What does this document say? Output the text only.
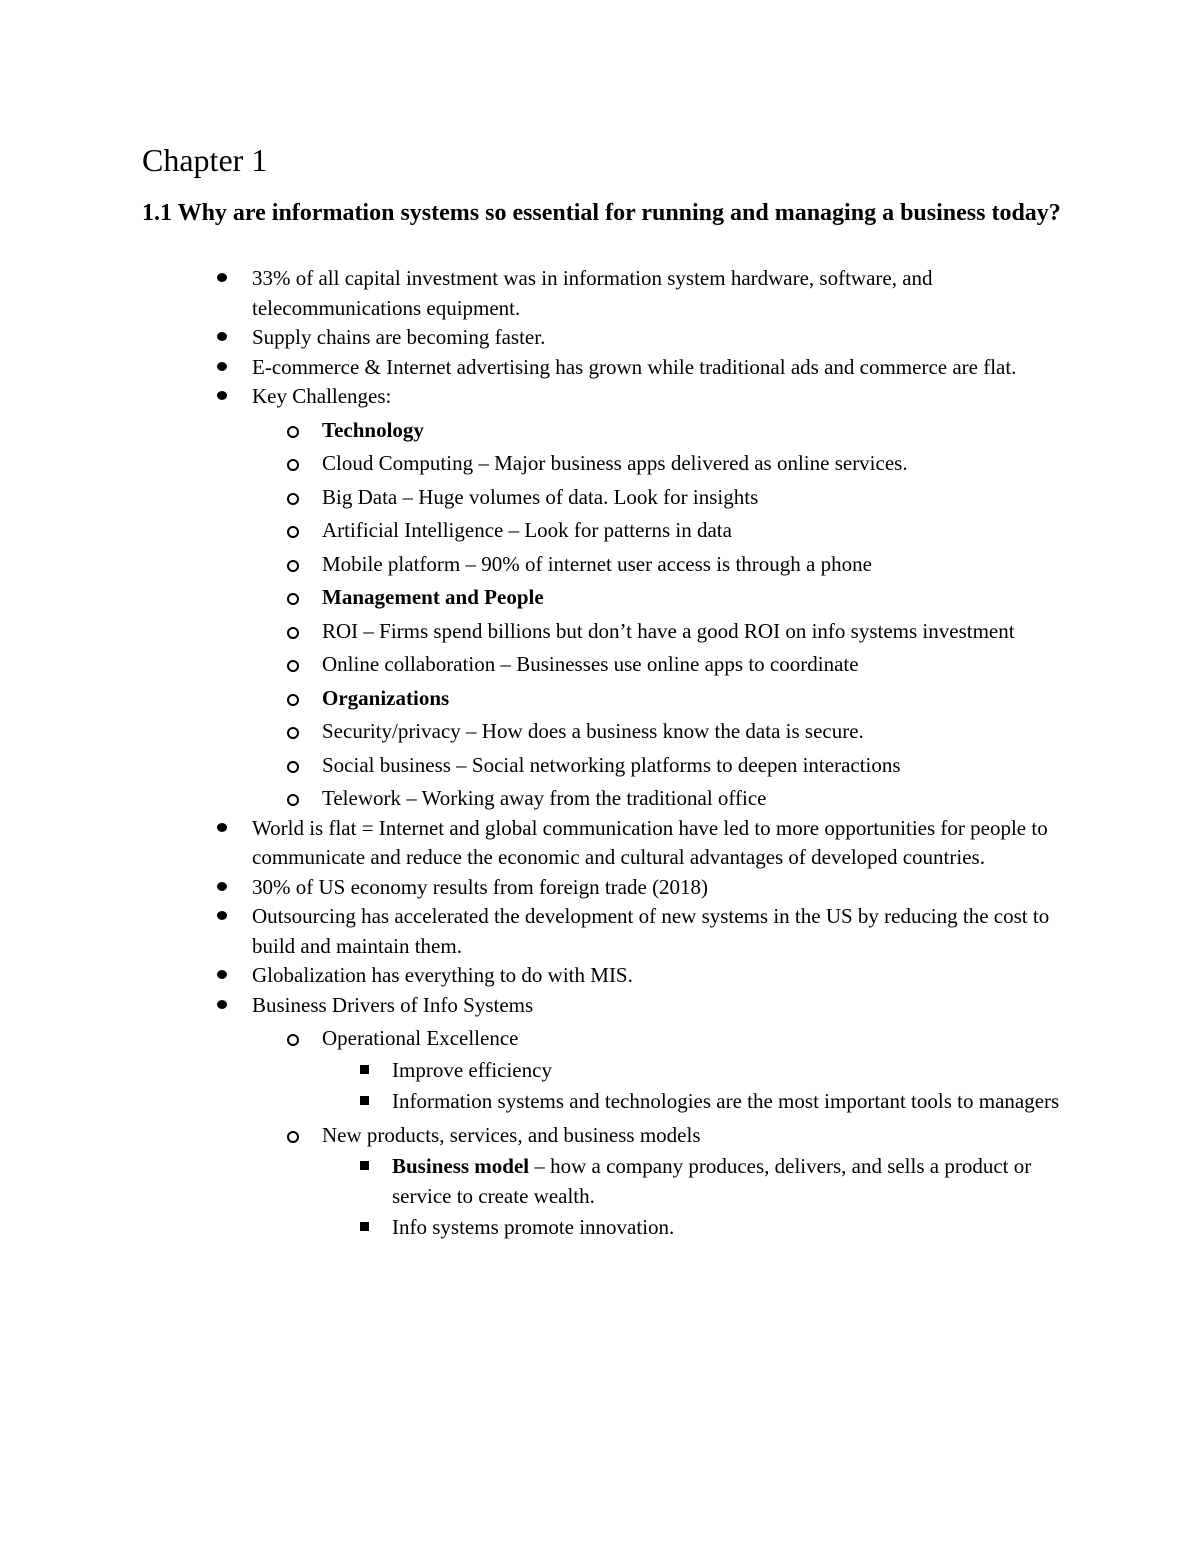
Chapter 1
1.1 Why are information systems so essential for running and managing a business today?
33% of all capital investment was in information system hardware, software, and telecommunications equipment.
Supply chains are becoming faster.
E-commerce & Internet advertising has grown while traditional ads and commerce are flat.
Key Challenges:
Technology
Cloud Computing – Major business apps delivered as online services.
Big Data – Huge volumes of data. Look for insights
Artificial Intelligence – Look for patterns in data
Mobile platform – 90% of internet user access is through a phone
Management and People
ROI – Firms spend billions but don’t have a good ROI on info systems investment
Online collaboration – Businesses use online apps to coordinate
Organizations
Security/privacy – How does a business know the data is secure.
Social business – Social networking platforms to deepen interactions
Telework – Working away from the traditional office
World is flat = Internet and global communication have led to more opportunities for people to communicate and reduce the economic and cultural advantages of developed countries.
30% of US economy results from foreign trade (2018)
Outsourcing has accelerated the development of new systems in the US by reducing the cost to build and maintain them.
Globalization has everything to do with MIS.
Business Drivers of Info Systems
Operational Excellence
Improve efficiency
Information systems and technologies are the most important tools to managers
New products, services, and business models
Business model – how a company produces, delivers, and sells a product or service to create wealth.
Info systems promote innovation.
